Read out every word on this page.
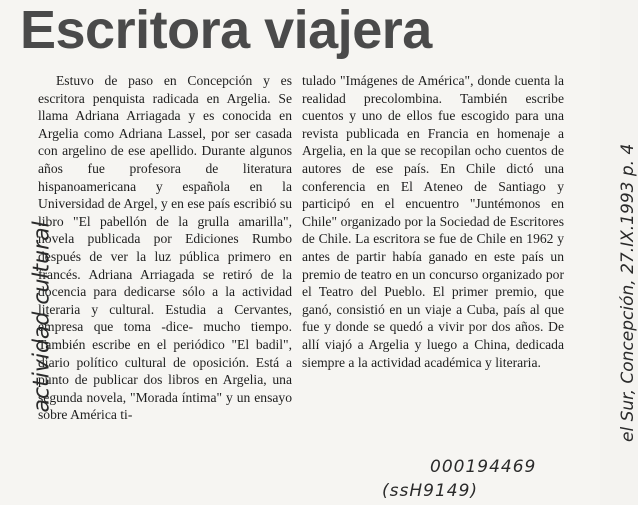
Escritora viajera

Estuvo de paso en Concepción y es escritora penquista radicada en Argelia. Se llama Adriana Arriagada y es conocida en Argelia como Adriana Lassel, por ser casada con argelino de ese apellido. Durante algunos años fue profesora de literatura hispanoamericana y española en la Universidad de Argel, y en ese país escribió su libro "El pabellón de la grulla amarilla", novela publicada por Ediciones Rumbo después de ver la luz pública primero en francés. Adriana Arriagada se retiró de la docencia para dedicarse sólo a la actividad literaria y cultural. Estudia a Cervantes, empresa que toma -dice- mucho tiempo. También escribe en el periódico "El badil", diario político cultural de oposición. Está a punto de publicar dos libros en Argelia, una segunda novela, "Morada íntima" y un ensayo sobre América ti-

tulado "Imágenes de América", donde cuenta la realidad precolombina. También escribe cuentos y uno de ellos fue escogido para una revista publicada en Francia en homenaje a Argelia, en la que se recopilan ocho cuentos de autores de ese país. En Chile dictó una conferencia en El Ateneo de Santiago y participó en el encuentro "Juntémonos en Chile" organizado por la Sociedad de Escritores de Chile. La escritora se fue de Chile en 1962 y antes de partir había ganado en este país un premio de teatro en un concurso organizado por el Teatro del Pueblo. El primer premio, que ganó, consistió en un viaje a Cuba, país al que fue y donde se quedó a vivir por dos años. De allí viajó a Argelia y luego a China, dedicada siempre a la actividad académica y literaria.

actividad cultural	el Sur, Concepción, 27.IX.1993 p. 4
000194469
(ssH9149)
